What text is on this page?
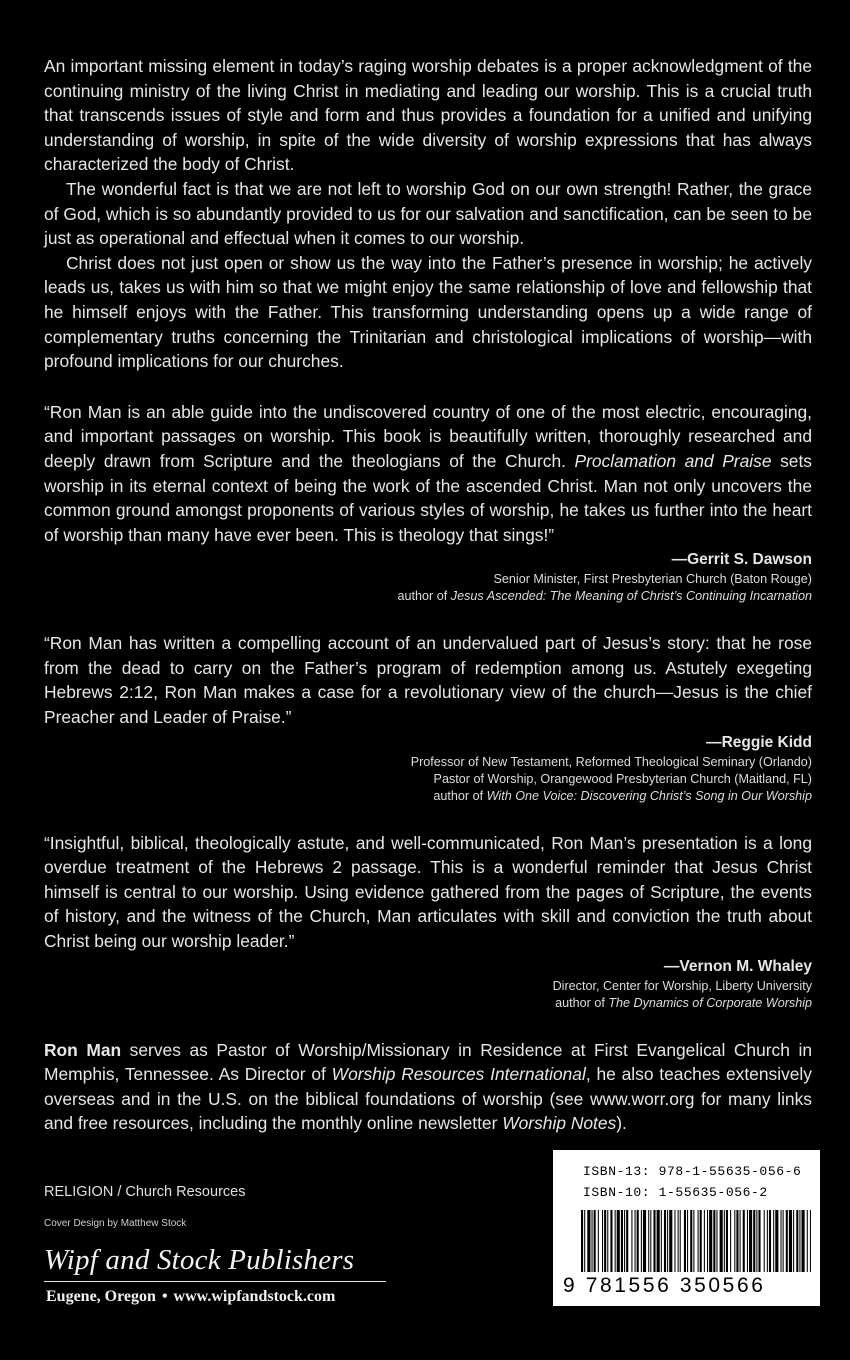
An important missing element in today’s raging worship debates is a proper acknowledgment of the continuing ministry of the living Christ in mediating and leading our worship. This is a crucial truth that transcends issues of style and form and thus provides a foundation for a unified and unifying understanding of worship, in spite of the wide diversity of worship expressions that has always characterized the body of Christ.

The wonderful fact is that we are not left to worship God on our own strength! Rather, the grace of God, which is so abundantly provided to us for our salvation and sanctification, can be seen to be just as operational and effectual when it comes to our worship.

Christ does not just open or show us the way into the Father’s presence in worship; he actively leads us, takes us with him so that we might enjoy the same relationship of love and fellowship that he himself enjoys with the Father. This transforming understanding opens up a wide range of complementary truths concerning the Trinitarian and christological implications of worship—with profound implications for our churches.

“Ron Man is an able guide into the undiscovered country of one of the most electric, encouraging, and important passages on worship. This book is beautifully written, thoroughly researched and deeply drawn from Scripture and the theologians of the Church. Proclamation and Praise sets worship in its eternal context of being the work of the ascended Christ. Man not only uncovers the common ground amongst proponents of various styles of worship, he takes us further into the heart of worship than many have ever been. This is theology that sings!”

—Gerrit S. Dawson
Senior Minister, First Presbyterian Church (Baton Rouge)
author of Jesus Ascended: The Meaning of Christ’s Continuing Incarnation

“Ron Man has written a compelling account of an undervalued part of Jesus’s story: that he rose from the dead to carry on the Father’s program of redemption among us. Astutely exegeting Hebrews 2:12, Ron Man makes a case for a revolutionary view of the church—Jesus is the chief Preacher and Leader of Praise.”

—Reggie Kidd
Professor of New Testament, Reformed Theological Seminary (Orlando)
Pastor of Worship, Orangewood Presbyterian Church (Maitland, FL)
author of With One Voice: Discovering Christ’s Song in Our Worship

“Insightful, biblical, theologically astute, and well-communicated, Ron Man’s presentation is a long overdue treatment of the Hebrews 2 passage. This is a wonderful reminder that Jesus Christ himself is central to our worship. Using evidence gathered from the pages of Scripture, the events of history, and the witness of the Church, Man articulates with skill and conviction the truth about Christ being our worship leader.”

—Vernon M. Whaley
Director, Center for Worship, Liberty University
author of The Dynamics of Corporate Worship

Ron Man serves as Pastor of Worship/Missionary in Residence at First Evangelical Church in Memphis, Tennessee. As Director of Worship Resources International, he also teaches extensively overseas and in the U.S. on the biblical foundations of worship (see www.worr.org for many links and free resources, including the monthly online newsletter Worship Notes).

RELIGION / Church Resources
Cover Design by Matthew Stock
Wipf and Stock Publishers
Eugene, Oregon • www.wipfandstock.com
ISBN-13: 978-1-55635-056-6
ISBN-10: 1-55635-056-2
9 781556 350566
